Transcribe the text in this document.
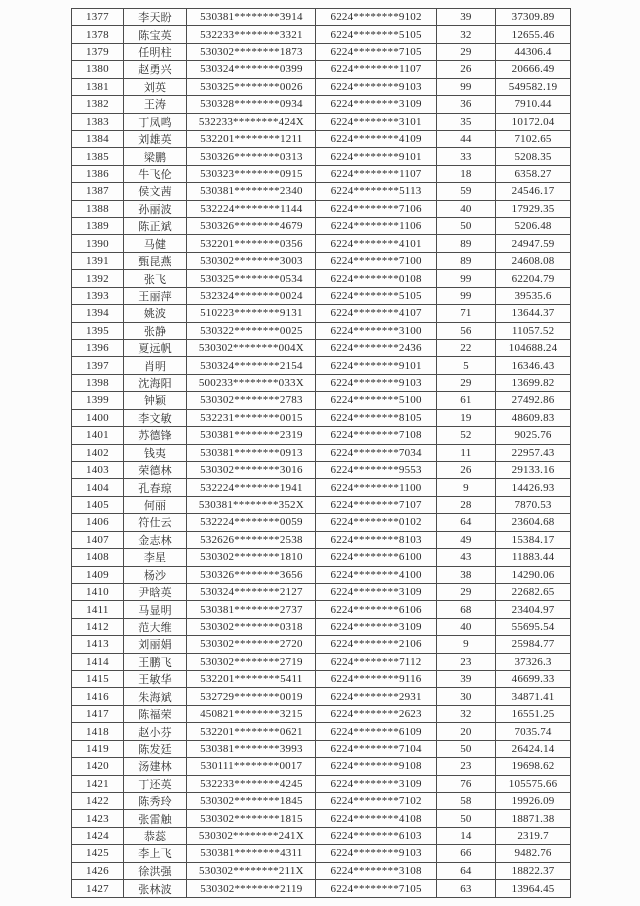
1377	李天盼	530381********3914	6224********9102	39	37309.89
1378	陈宝英	532233********3321	6224********5105	32	12655.46
1379	任明柱	530302********1873	6224********7105	29	44306.4
1380	赵勇兴	530324********0399	6224********1107	26	20666.49
1381	刘英	530325********0026	6224********9103	99	549582.19
1382	王涛	530328********0934	6224********3109	36	7910.44
1383	丁凤鸣	532233********424X	6224********3101	35	10172.04
1384	刘雄英	532201********1211	6224********4109	44	7102.65
1385	梁鹏	530326********0313	6224********9101	33	5208.35
1386	牛飞伦	530323********0915	6224********1107	18	6358.27
1387	侯文茜	530381********2340	6224********5113	59	24546.17
1388	孙丽波	532224********1144	6224********7106	40	17929.35
1389	陈正斌	530326********4679	6224********1106	50	5206.48
1390	马健	532201********0356	6224********4101	89	24947.59
1391	甄昆燕	530302********3003	6224********7100	89	24608.08
1392	张飞	530325********0534	6224********0108	99	62204.79
1393	王丽萍	532324********0024	6224********5105	99	39535.6
1394	姚波	510223********9131	6224********4107	71	13644.37
1395	张静	530322********0025	6224********3100	56	11057.52
1396	夏远帆	530302********004X	6224********2436	22	104688.24
1397	肖明	530324********2154	6224********9101	5	16346.43
1398	沈海阳	500233********033X	6224********9103	29	13699.82
1399	钟颖	530302********2783	6224********5100	61	27492.86
1400	李文敏	532231********0015	6224********8105	19	48609.83
1401	苏德锋	530381********2319	6224********7108	52	9025.76
1402	钱夷	530381********0913	6224********7034	11	22957.43
1403	荣德林	530302********3016	6224********9553	26	29133.16
1404	孔春琼	532224********1941	6224********1100	9	14426.93
1405	何丽	530381********352X	6224********7107	28	7870.53
1406	符仕云	532224********0059	6224********0102	64	23604.68
1407	金志林	532626********2538	6224********8103	49	15384.17
1408	李星	530302********1810	6224********6100	43	11883.44
1409	杨沙	530326********3656	6224********4100	38	14290.06
1410	尹晗英	530324********2127	6224********3109	29	22682.65
1411	马显明	530381********2737	6224********6106	68	23404.97
1412	范大维	530302********0318	6224********3109	40	55695.54
1413	刘丽娟	530302********2720	6224********2106	9	25984.77
1414	王鹏飞	530302********2719	6224********7112	23	37326.3
1415	王敏华	532201********5411	6224********9116	39	46699.33
1416	朱海斌	532729********0019	6224********2931	30	34871.41
1417	陈福荣	450821********3215	6224********2623	32	16551.25
1418	赵小芬	532201********0621	6224********6109	20	7035.74
1419	陈发廷	530381********3993	6224********7104	50	26424.14
1420	汤建林	530111********0017	6224********9108	23	19698.62
1421	丁还英	532233********4245	6224********3109	76	105575.66
1422	陈秀玲	530302********1845	6224********7102	58	19926.09
1423	张雷触	530302********1815	6224********4108	50	18871.38
1424	恭蕊	530302********241X	6224********6103	14	2319.7
1425	李上飞	530381********4311	6224********9103	66	9482.76
1426	徐洪强	530302********211X	6224********3108	64	18822.37
1427	张林波	530302********2119	6224********7105	63	13964.45
